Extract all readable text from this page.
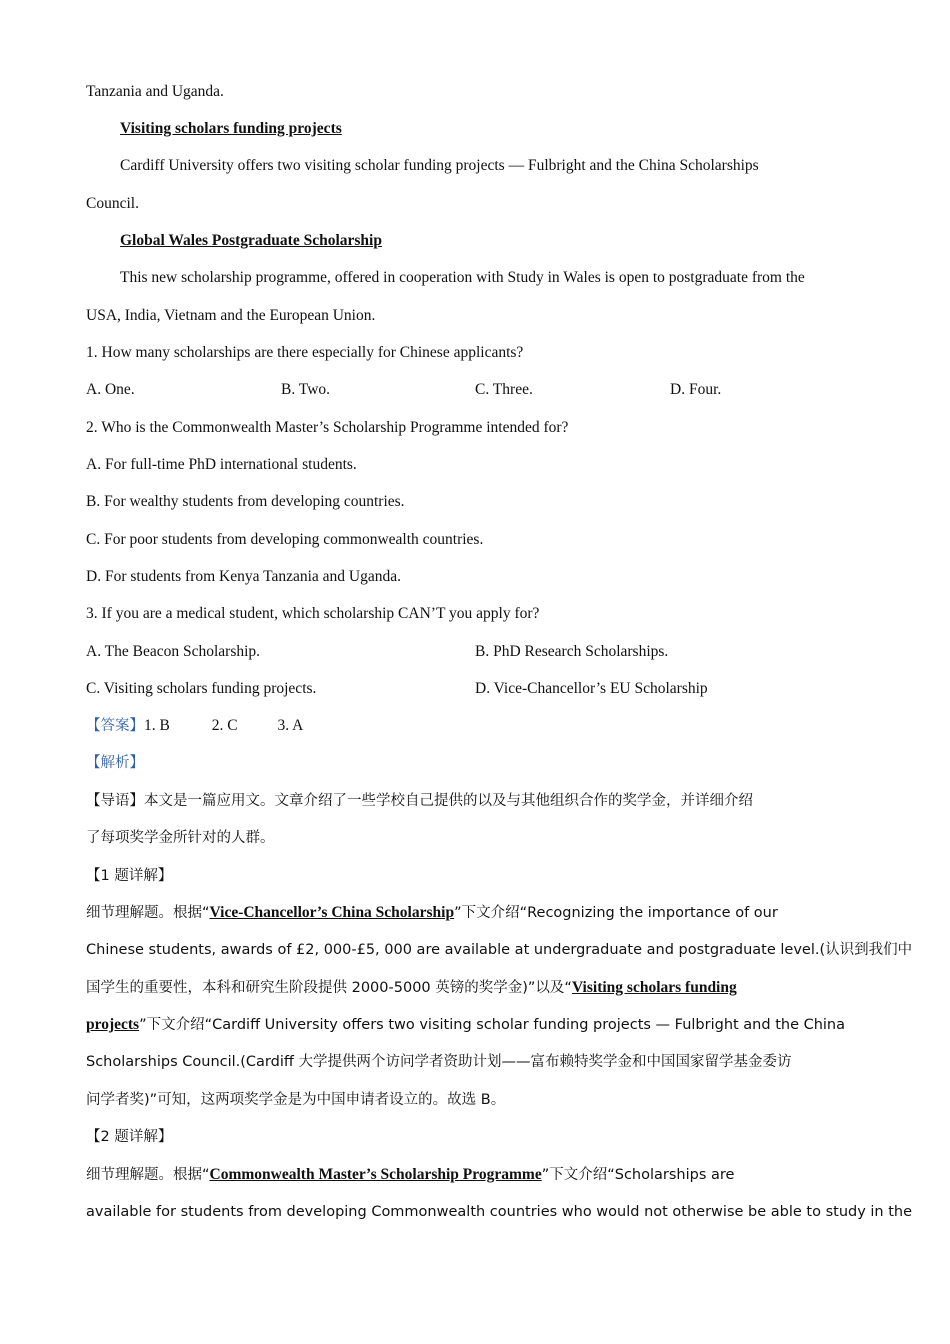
Tanzania and Uganda.
Visiting scholars funding projects
Cardiff University offers two visiting scholar funding projects — Fulbright and the China Scholarships
Council.
Global Wales Postgraduate Scholarship
This new scholarship programme, offered in cooperation with Study in Wales is open to postgraduate from the
USA, India, Vietnam and the European Union.
1. How many scholarships are there especially for Chinese applicants?
A. One.	B. Two.	C. Three.	D. Four.
2. Who is the Commonwealth Master’s Scholarship Programme intended for?
A. For full-time PhD international students.
B. For wealthy students from developing countries.
C. For poor students from developing commonwealth countries.
D. For students from Kenya Tanzania and Uganda.
3. If you are a medical student, which scholarship CAN’T you apply for?
A. The Beacon Scholarship.	B. PhD Research Scholarships.
C. Visiting scholars funding projects.	D. Vice-Chancellor’s EU Scholarship
【答案】1. B	2. C	3. A
【解析】
【导语】本文是一篇应用文。文章介绍了一些学校自己提供的以及与其他组织合作的奖学金，并详细介绍
了每项奖学金所针对的人群。
【1 题详解】
细节理解题。根据“Vice-Chancellor’s China Scholarship”下文介绍“Recognizing the importance of our
Chinese students, awards of £2, 000-£5, 000 are available at undergraduate and postgraduate level.(认识到我们中
国学生的重要性，本科和研究生阶段提供 2000-5000 英镑的奖学金)”以及“Visiting scholars funding
projects”下文介绍“Cardiff University offers two visiting scholar funding projects — Fulbright and the China
Scholarships Council.(Cardiff 大学提供两个访问学者资助计划——富布赖特奖学金和中国国家留学基金委访
问学者奖)”可知，这两项奖学金是为中国申请者设立的。故选 B。
【2 题详解】
细节理解题。根据“Commonwealth Master’s Scholarship Programme”下文介绍“Scholarships are
available for students from developing Commonwealth countries who would not otherwise be able to study in the
